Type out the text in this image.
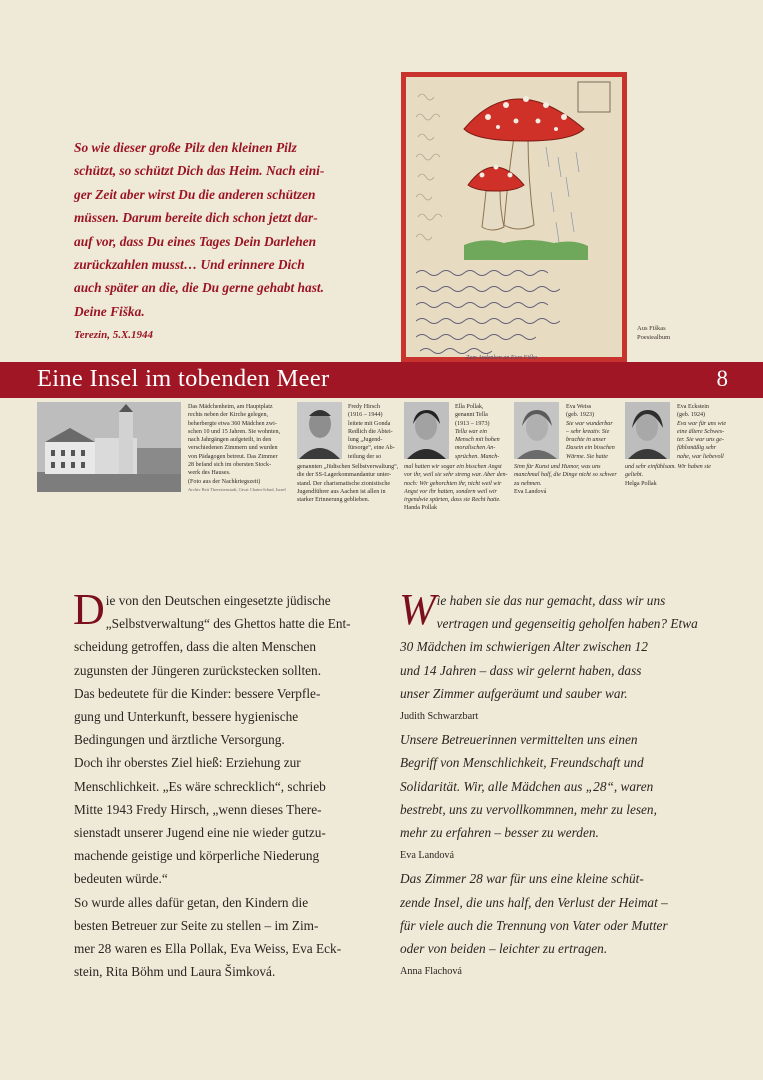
So wie dieser große Pilz den kleinen Pilz
schützt, so schützt Dich das Heim. Nach eini-
ger Zeit aber wirst Du die anderen schützen
müssen. Darum bereite dich schon jetzt dar-
auf vor, dass Du eines Tages Dein Darlehen
zurückzahlen musst… Und erinnere Dich
auch später an die, die Du gerne gehabt hast.
Deine Fiška.
Terezin, 5.X.1944
Zum Andenken an Eure Fiška
Aus Fiškas
Poesiealbum
Eine Insel im tobenden Meer	8
Das Mädchenheim, am Hauptplatz
rechts neben der Kirche gelegen,
beherbergte etwa 360 Mädchen zwi-
schen 10 und 15 Jahren. Sie wohnten,
nach Jahrgängen aufgeteilt, in den
verschiedenen Zimmern und wurden
von Pädagogen betreut. Das Zimmer
28 befand sich im obersten Stock-
werk des Hauses.
(Foto aus der Nachkriegszeit)
Archiv Beit Theresienstadt, Givat Chaim-Ichud, Israel
Fredy Hirsch
(1916 – 1944)
leitete mit Gonda
Redlich die Abtei-
lung „Jugend-
fürsorge“, eine Ab-
teilung der so
genannten „Jüdischen Selbstverwaltung“,
die der SS-Lagerkommandantur unter-
stand. Der charismatische zionistische
Jugendführer aus Aachen ist allen in
starker Erinnerung geblieben.
Ella Pollak,
genannt Tella
(1913 – 1973)
Tella war ein
Mensch mit hohen
moralischen An-
sprüchen. Manch-
mal hatten wir sogar ein bisschen Angst
vor ihr, weil sie sehr streng war. Aber den-
noch: Wir gehorchten ihr, nicht weil wir
Angst vor ihr hatten, sondern weil wir
irgendwie spürten, dass sie Recht hatte.
Handa Pollak
Eva Weiss
(geb. 1923)
Sie war wunderbar
– sehr kreativ. Sie
brachte in unser
Dasein ein bisschen
Wärme. Sie hatte
Sinn für Kunst und Humor, was uns
manchmal half, die Dinge nicht so schwer
zu nehmen.
Eva Landová
Eva Eckstein
(geb. 1924)
Eva war für uns wie
eine ältere Schwes-
ter. Sie war uns ge-
fühlsmäßig sehr
nahe, war liebevoll
und sehr einfühlsam. Wir haben sie
geliebt.
Helga Pollak

Die von den Deutschen eingesetzte jüdische

„Selbstverwaltung“ des Ghettos hatte die Ent-
scheidung getroffen, dass die alten Menschen
zugunsten der Jüngeren zurückstecken sollten.
Das bedeutete für die Kinder: bessere Verpfle-
gung und Unterkunft, bessere hygienische
Bedingungen und ärztliche Versorgung.
Doch ihr oberstes Ziel hieß: Erziehung zur
Menschlichkeit. „Es wäre schrecklich“, schrieb
Mitte 1943 Fredy Hirsch, „wenn dieses There-
sienstadt unserer Jugend eine nie wieder gutzu-
machende geistige und körperliche Niederung
bedeuten würde.“
So wurde alles dafür getan, den Kindern die
besten Betreuer zur Seite zu stellen – im Zim-
mer 28 waren es Ella Pollak, Eva Weiss, Eva Eck-
stein, Rita Böhm und Laura Šimková.

Wie haben sie das nur gemacht, dass wir uns

vertragen und gegenseitig geholfen haben? Etwa
30 Mädchen im schwierigen Alter zwischen 12
und 14 Jahren – dass wir gelernt haben, dass
unser Zimmer aufgeräumt und sauber war.
Judith Schwarzbart
Unsere Betreuerinnen vermittelten uns einen
Begriff von Menschlichkeit, Freundschaft und
Solidarität. Wir, alle Mädchen aus „28“, waren
bestrebt, uns zu vervollkommnen, mehr zu lesen,
mehr zu erfahren – besser zu werden.
Eva Landová
Das Zimmer 28 war für uns eine kleine schüt-
zende Insel, die uns half, den Verlust der Heimat –
für viele auch die Trennung von Vater oder Mutter
oder von beiden – leichter zu ertragen.
Anna Flachová
